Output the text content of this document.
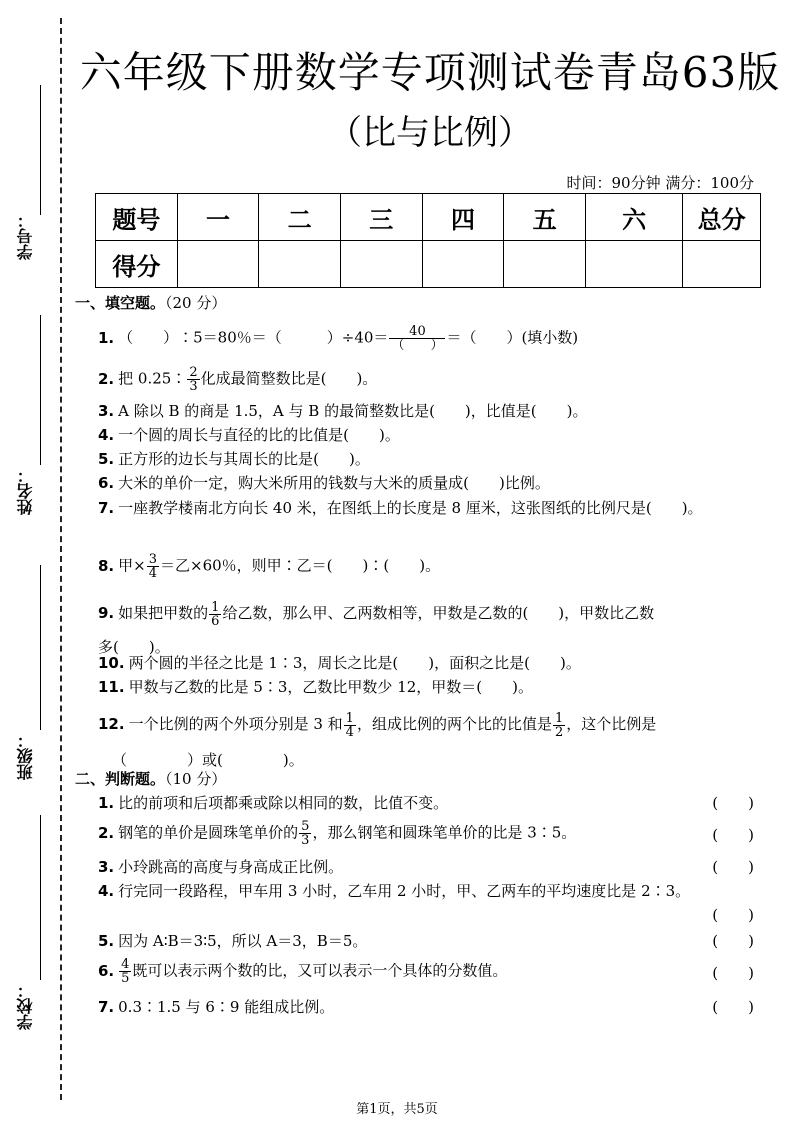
学号：
姓名：
班级：
学校：
六年级下册数学专项测试卷青岛63版
（比与比例）
时间：90分钟 满分：100分
题号	一	二	三	四	五	六	总分
得分							
一、填空题。（20 分）
1. （　　）∶5＝80％＝（　　　）$\div 40= \frac{40}{( )}$ ＝（　　）(填小数)
2. 把 0.25∶ $\frac{2}{3}$ 化成最简整数比是(　　)。
3. A 除以 B 的商是 1.5，A 与 B 的最简整数比是(　　)，比值是(　　)。
4. 一个圆的周长与直径的比的比值是(　　)。
5. 正方形的边长与其周长的比是(　　)。
6. 大米的单价一定，购大米所用的钱数与大米的质量成(　　)比例。
7. 一座教学楼南北方向长 40 米，在图纸上的长度是 8 厘米，这张图纸的比例尺是(　　)。
8. 甲× $\frac{3}{4}$ ＝乙×60％，则甲∶乙＝(　　)∶(　　)。
9. 如果把甲数的 $\frac{1}{6}$ 给乙数，那么甲、乙两数相等，甲数是乙数的(　　)，甲数比乙数
多(　　)。
10. 两个圆的半径之比是 1∶3，周长之比是(　　)，面积之比是(　　)。
11. 甲数与乙数的比是 5∶3，乙数比甲数少 12，甲数＝(　　)。
12. 一个比例的两个外项分别是 3 和 $\frac{1}{4}$ ，组成比例的两个比的比值是 $\frac{1}{2}$ ，这个比例是
（　　　　）或(　　　　)。
二、判断题。（10 分）
1. 比的前项和后项都乘或除以相同的数，比值不变。	(　　)
2. 钢笔的单价是圆珠笔单价的 $\frac{5}{3}$ ，那么钢笔和圆珠笔单价的比是 3∶5。	(　　)
3. 小玲跳高的高度与身高成正比例。	(　　)
4. 行完同一段路程，甲车用 3 小时，乙车用 2 小时，甲、乙两车的平均速度比是 2∶3。
(　　)
5. 因为 A∶B＝3∶5，所以 A＝3，B＝5。	(　　)
6. $\frac{4}{5}$ 既可以表示两个数的比，又可以表示一个具体的分数值。	(　　)
7. 0.3∶1.5 与 6∶9 能组成比例。	(　　)
第1页，共5页
